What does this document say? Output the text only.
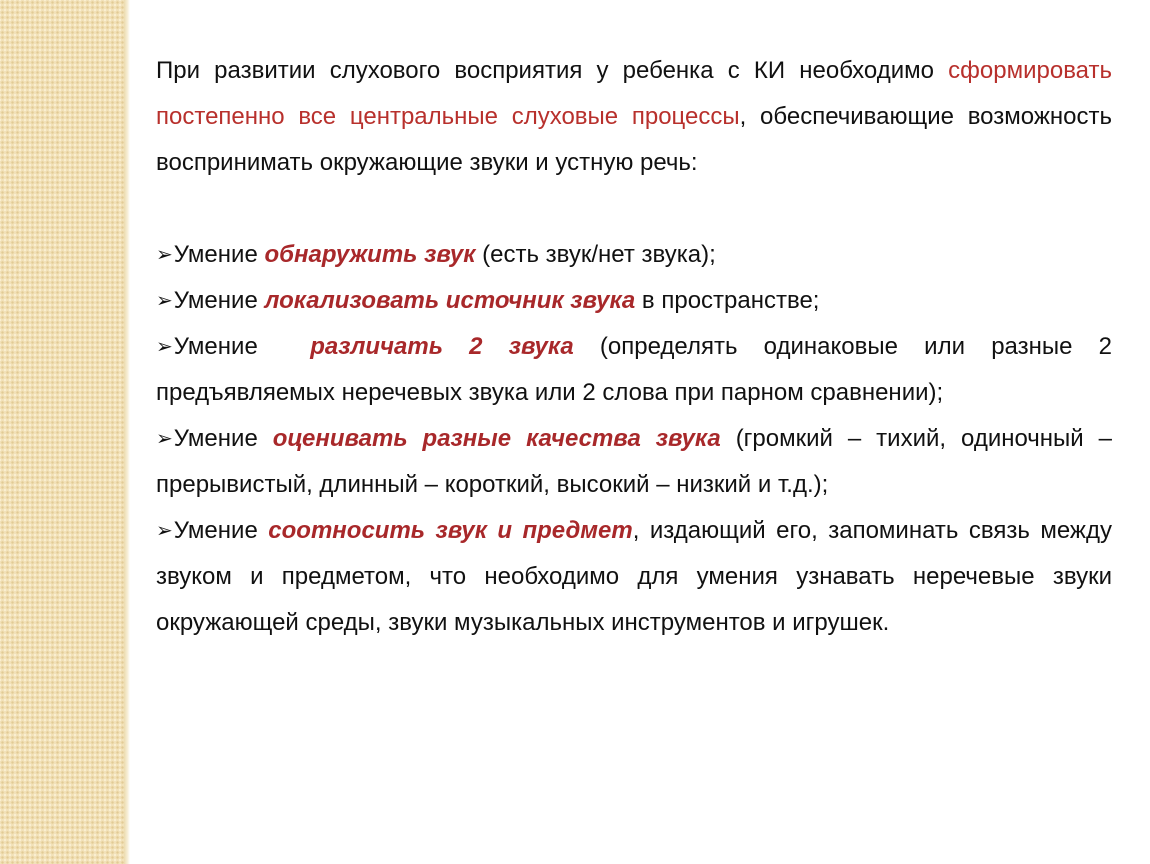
При развитии слухового восприятия у ребенка с КИ необходимо сформировать постепенно все центральные слуховые процессы, обеспечивающие возможность воспринимать окружающие звуки и устную речь:

➢Умение обнаружить звук (есть звук/нет звука);

➢Умение локализовать источник звука в пространстве;

➢Умение  различать 2 звука (определять одинаковые или разные 2 предъявляемых неречевых звука или 2 слова при парном сравнении);

➢Умение оценивать разные качества звука (громкий – тихий, одиночный – прерывистый, длинный – короткий, высокий – низкий и т.д.);

➢Умение соотносить звук и предмет, издающий его, запоминать связь между звуком и предметом, что необходимо для умения узнавать неречевые звуки окружающей среды, звуки музыкальных инструментов и игрушек.
